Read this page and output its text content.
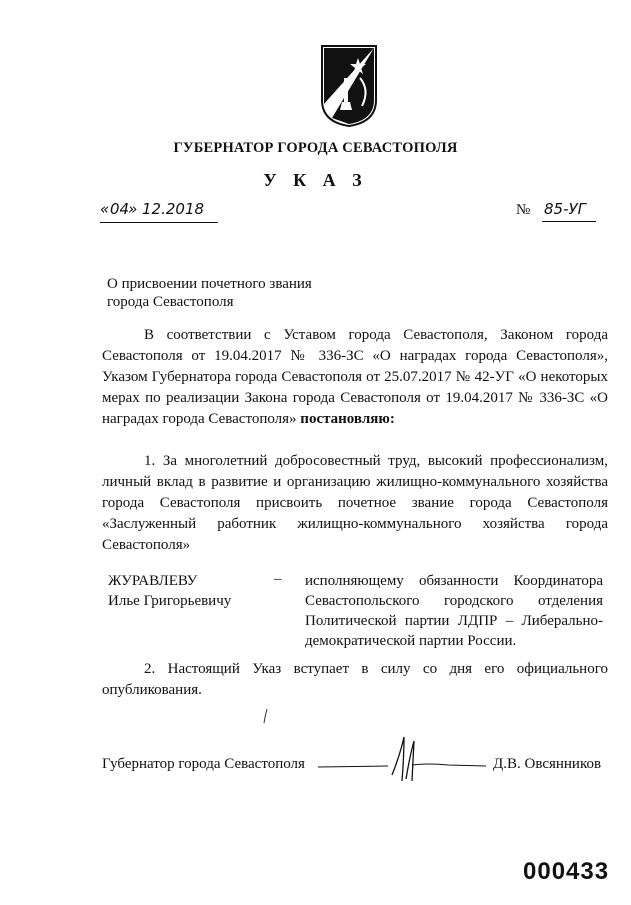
ГУБЕРНАТОР ГОРОДА СЕВАСТОПОЛЯ
У К А З
« 04
» 12.2018	№ 85-УГ
О присвоении почетного звания
города Севастополя

В соответствии с Уставом города Севастополя, Законом города Севастополя от 19.04.2017 № 336-ЗС «О наградах города Севастополя», Указом Губернатора города Севастополя от 25.07.2017 № 42-УГ «О некоторых мерах по реализации Закона города Севастополя от 19.04.2017 № 336-ЗС «О наградах города Севастополя» постановляю:

1. За многолетний добросовестный труд, высокий профессионализм, личный вклад в развитие и организацию жилищно-коммунального хозяйства города Севастополя присвоить почетное звание города Севастополя «Заслуженный работник жилищно-коммунального хозяйства города Севастополя»

ЖУРАВЛЕВУ
Илье Григорьевичу
– исполняющему обязанности Координатора Севастопольского городского отделения Политической партии ЛДПР – Либерально-демократической партии России.

2. Настоящий Указ вступает в силу со дня его официального опубликования.

Губернатор города Севастополя	Д.В. Овсянников
000433
